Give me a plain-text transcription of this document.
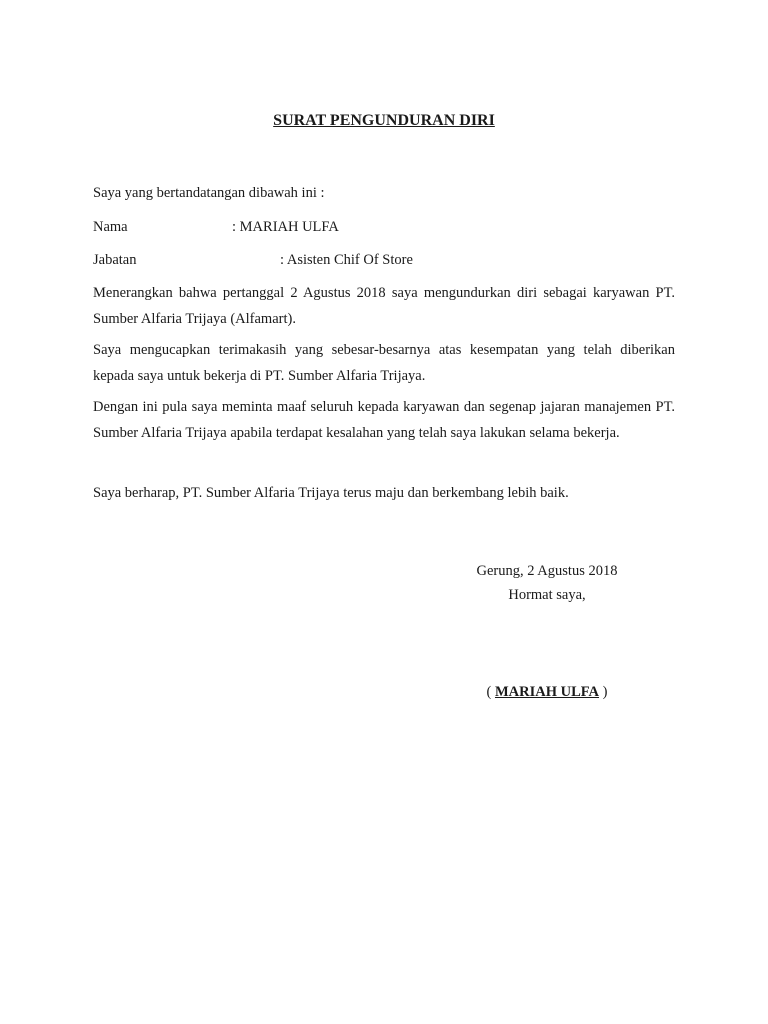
SURAT PENGUNDURAN DIRI
Saya yang bertandatangan dibawah ini :
Nama	: MARIAH ULFA
Jabatan	: Asisten Chif Of Store
Menerangkan bahwa pertanggal 2 Agustus 2018 saya mengundurkan diri sebagai karyawan PT. Sumber Alfaria Trijaya (Alfamart).
Saya mengucapkan terimakasih yang sebesar-besarnya atas kesempatan yang telah diberikan kepada saya untuk bekerja di PT. Sumber Alfaria Trijaya.
Dengan ini pula saya meminta maaf seluruh kepada karyawan dan segenap jajaran manajemen PT. Sumber Alfaria Trijaya apabila terdapat kesalahan yang telah saya lakukan selama bekerja.
Saya berharap, PT. Sumber Alfaria Trijaya terus maju dan berkembang lebih baik.
Gerung, 2 Agustus 2018
Hormat saya,
( MARIAH ULFA )
